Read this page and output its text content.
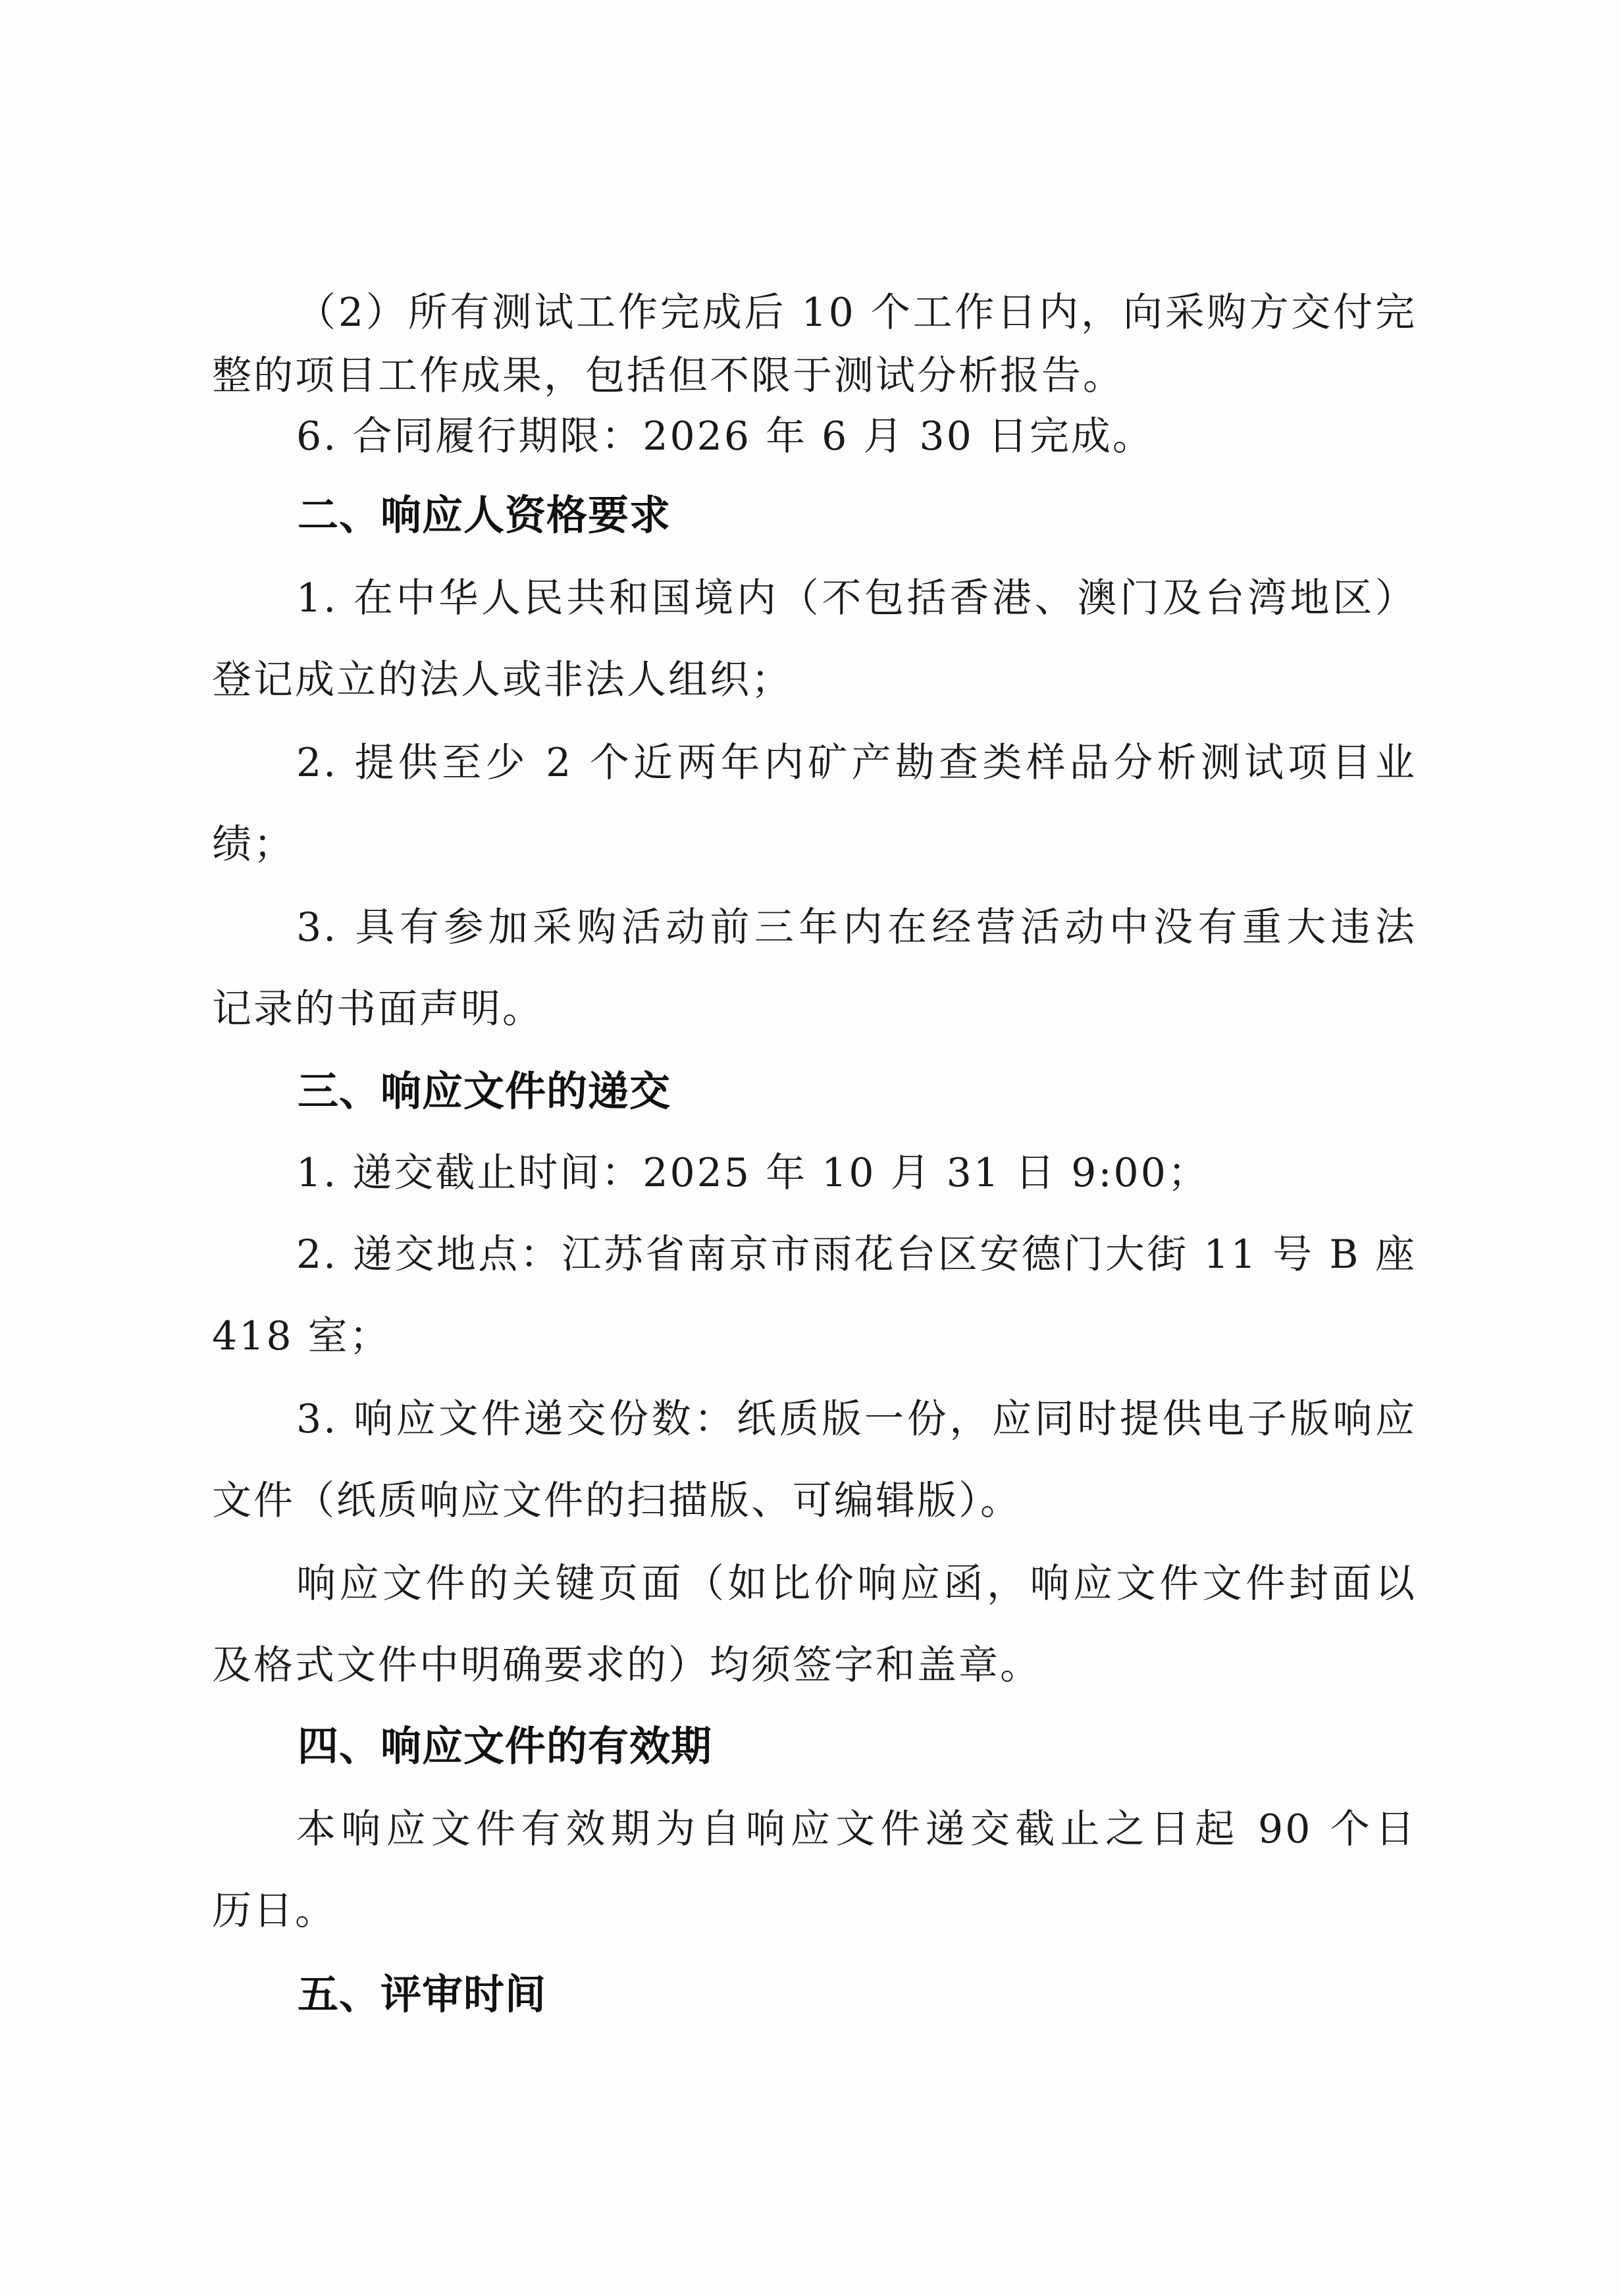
（2）所有测试工作完成后 10 个工作日内，向采购方交付完
整的项目工作成果，包括但不限于测试分析报告。

6. 合同履行期限：2026 年 6 月 30 日完成。

二、响应人资格要求

1. 在中华人民共和国境内（不包括香港、澳门及台湾地区）
登记成立的法人或非法人组织；

2. 提供至少 2 个近两年内矿产勘查类样品分析测试项目业
绩；

3. 具有参加采购活动前三年内在经营活动中没有重大违法
记录的书面声明。

三、响应文件的递交

1. 递交截止时间：2025 年 10 月 31 日 9:00；

2. 递交地点：江苏省南京市雨花台区安德门大街 11 号 B 座
418 室；

3. 响应文件递交份数：纸质版一份，应同时提供电子版响应
文件（纸质响应文件的扫描版、可编辑版）。

响应文件的关键页面（如比价响应函，响应文件文件封面以
及格式文件中明确要求的）均须签字和盖章。

四、响应文件的有效期

本响应文件有效期为自响应文件递交截止之日起 90 个日
历日。

五、评审时间
